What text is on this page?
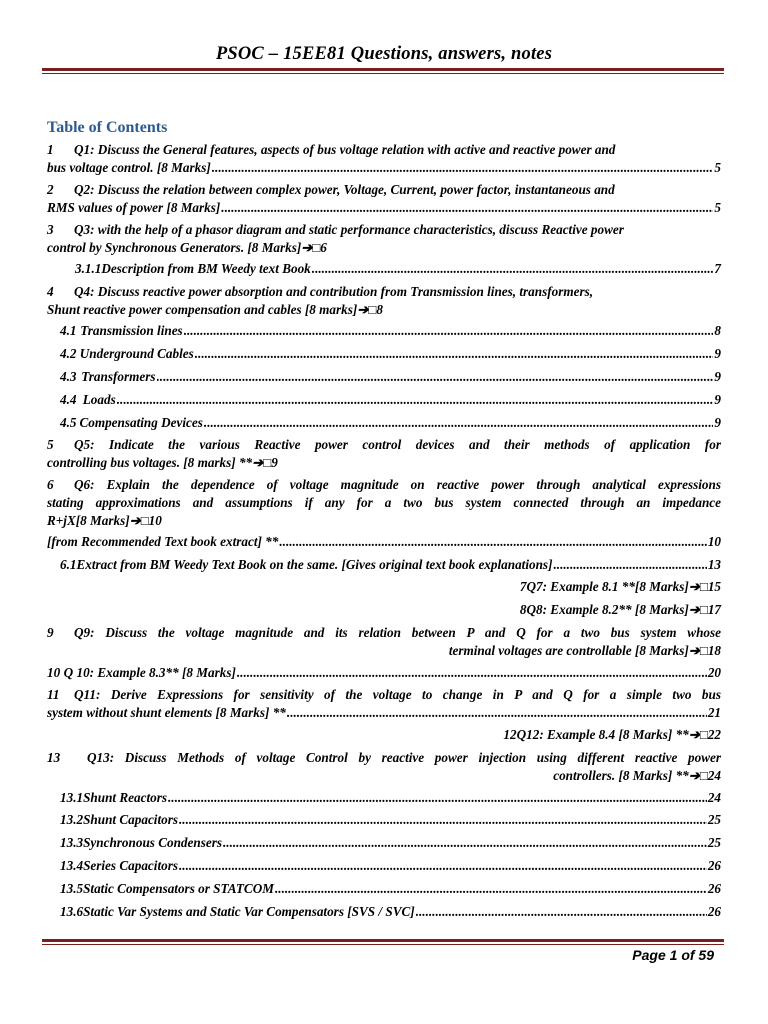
PSOC – 15EE81 Questions, answers, notes
Table of Contents
1 Q1: Discuss the General features, aspects of bus voltage relation with active and reactive power and
bus voltage control. [8 Marks] .....	5
2 Q2: Discuss the relation between complex power, Voltage, Current, power factor, instantaneous and
RMS values of power [8 Marks] .....	5
3 Q3: with the help of a phasor diagram and static performance characteristics, discuss Reactive power
control by Synchronous Generators. [8 Marks]➔□6
3.1.1 Description from BM Weedy text Book .....	7
4 Q4: Discuss reactive power absorption and contribution from Transmission lines, transformers,
Shunt reactive power compensation and cables [8 marks]➔□8
4.1 Transmission lines .....	8
4.2 Underground Cables .....	9
4.3 Transformers .....	9
4.4 Loads .....	9
4.5 Compensating Devices .....	9
5 Q5: Indicate the various Reactive power control devices and their methods of application for
controlling bus voltages. [8 marks] **➔□9
6 Q6: Explain the dependence of voltage magnitude on reactive power through analytical expressions
stating approximations and assumptions if any for a two bus system connected through an impedance
R+jX[8 Marks]➔□10
[from Recommended Text book extract] ** .....	10
6.1 Extract from BM Weedy Text Book on the same. [Gives original text book explanations] .....	13
7Q7: Example 8.1 **[8 Marks]➔□15
8Q8: Example 8.2** [8 Marks]➔□17
9 Q9: Discuss the voltage magnitude and its relation between P and Q for a two bus system whose
terminal voltages are controllable [8 Marks]➔□18
10 Q 10: Example 8.3** [8 Marks] .....	20
11 Q11: Derive Expressions for sensitivity of the voltage to change in P and Q for a simple two bus
system without shunt elements [8 Marks] ** .....	21
12Q12: Example 8.4 [8 Marks] **➔□22
13 Q13: Discuss Methods of voltage Control by reactive power injection using different reactive power
controllers. [8 Marks] **➔□24
13.1 Shunt Reactors .....	24
13.2 Shunt Capacitors .....	25
13.3 Synchronous Condensers .....	25
13.4 Series Capacitors .....	26
13.5 Static Compensators or STATCOM .....	26
13.6 Static Var Systems and Static Var Compensators [SVS / SVC] .....	26
Page 1 of 59
